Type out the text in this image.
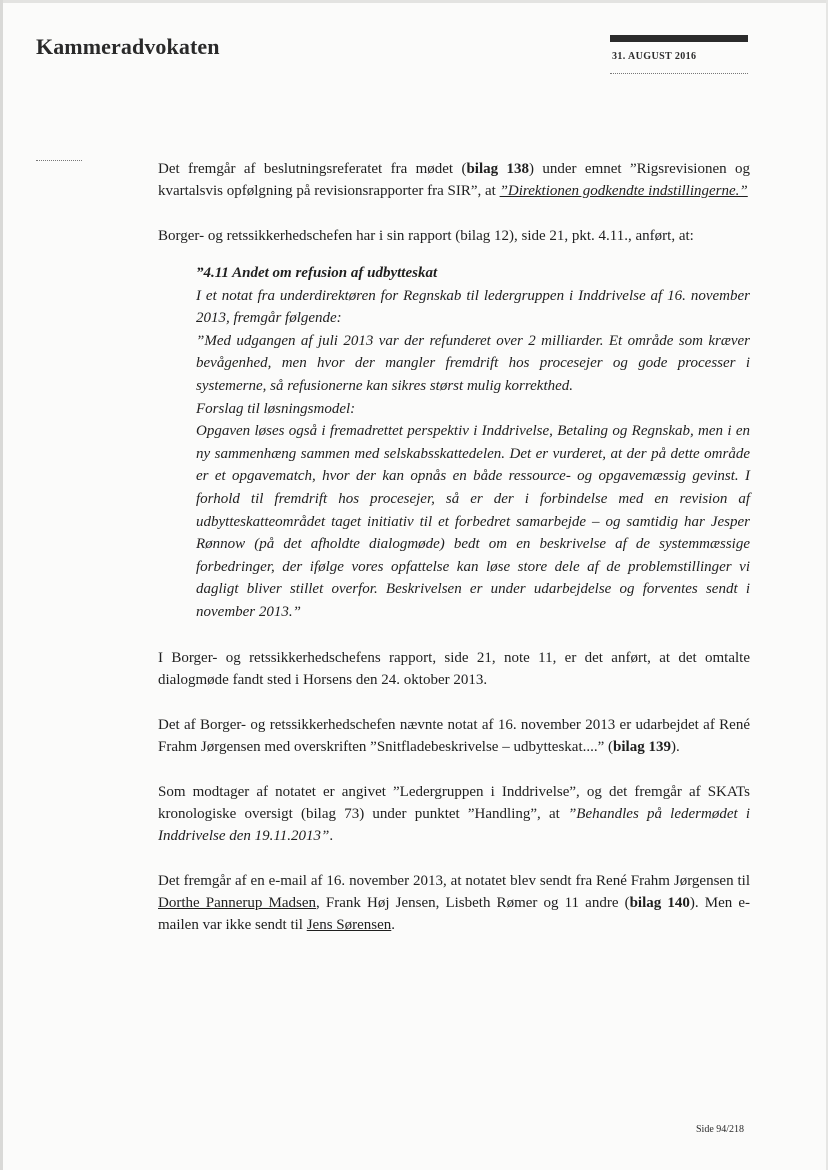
Kammeradvokaten	31. AUGUST 2016

Det fremgår af beslutningsreferatet fra mødet (bilag 138) under emnet ”Rigsrevisionen og kvartalsvis opfølgning på revisionsrapporter fra SIR”, at ”Direktionen godkendte indstillingerne.”

Borger- og retssikkerhedschefen har i sin rapport (bilag 12), side 21, pkt. 4.11., anført, at:

”4.11 Andet om refusion af udbytteskat
I et notat fra underdirektøren for Regnskab til ledergruppen i Inddrivelse af 16. november 2013, fremgår følgende:
”Med udgangen af juli 2013 var der refunderet over 2 milliarder. Et område som kræver bevågenhed, men hvor der mangler fremdrift hos procesejer og gode processer i systemerne, så refusionerne kan sikres størst mulig korrekthed.
Forslag til løsningsmodel:
Opgaven løses også i fremadrettet perspektiv i Inddrivelse, Betaling og Regnskab, men i en ny sammenhæng sammen med selskabsskattedelen. Det er vurderet, at der på dette område er et opgavematch, hvor der kan opnås en både ressource- og opgavemæssig gevinst. I forhold til fremdrift hos procesejer, så er der i forbindelse med en revision af udbytteskatteområdet taget initiativ til et forbedret samarbejde – og samtidig har Jesper Rønnow (på det afholdte dialogmøde) bedt om en beskrivelse af de systemmæssige forbedringer, der ifølge vores opfattelse kan løse store dele af de problemstillinger vi dagligt bliver stillet overfor. Beskrivelsen er under udarbejdelse og forventes sendt i november 2013.”

I Borger- og retssikkerhedschefens rapport, side 21, note 11, er det anført, at det omtalte dialogmøde fandt sted i Horsens den 24. oktober 2013.

Det af Borger- og retssikkerhedschefen nævnte notat af 16. november 2013 er udarbejdet af René Frahm Jørgensen med overskriften ”Snitfladebeskrivelse – udbytteskat....” (bilag 139).

Som modtager af notatet er angivet ”Ledergruppen i Inddrivelse”, og det fremgår af SKATs kronologiske oversigt (bilag 73) under punktet ”Handling”, at ”Behandles på ledermødet i Inddrivelse den 19.11.2013”.

Det fremgår af en e-mail af 16. november 2013, at notatet blev sendt fra René Frahm Jørgensen til Dorthe Pannerup Madsen, Frank Høj Jensen, Lisbeth Rømer og 11 andre (bilag 140). Men e-mailen var ikke sendt til Jens Sørensen.

Side 94/218
